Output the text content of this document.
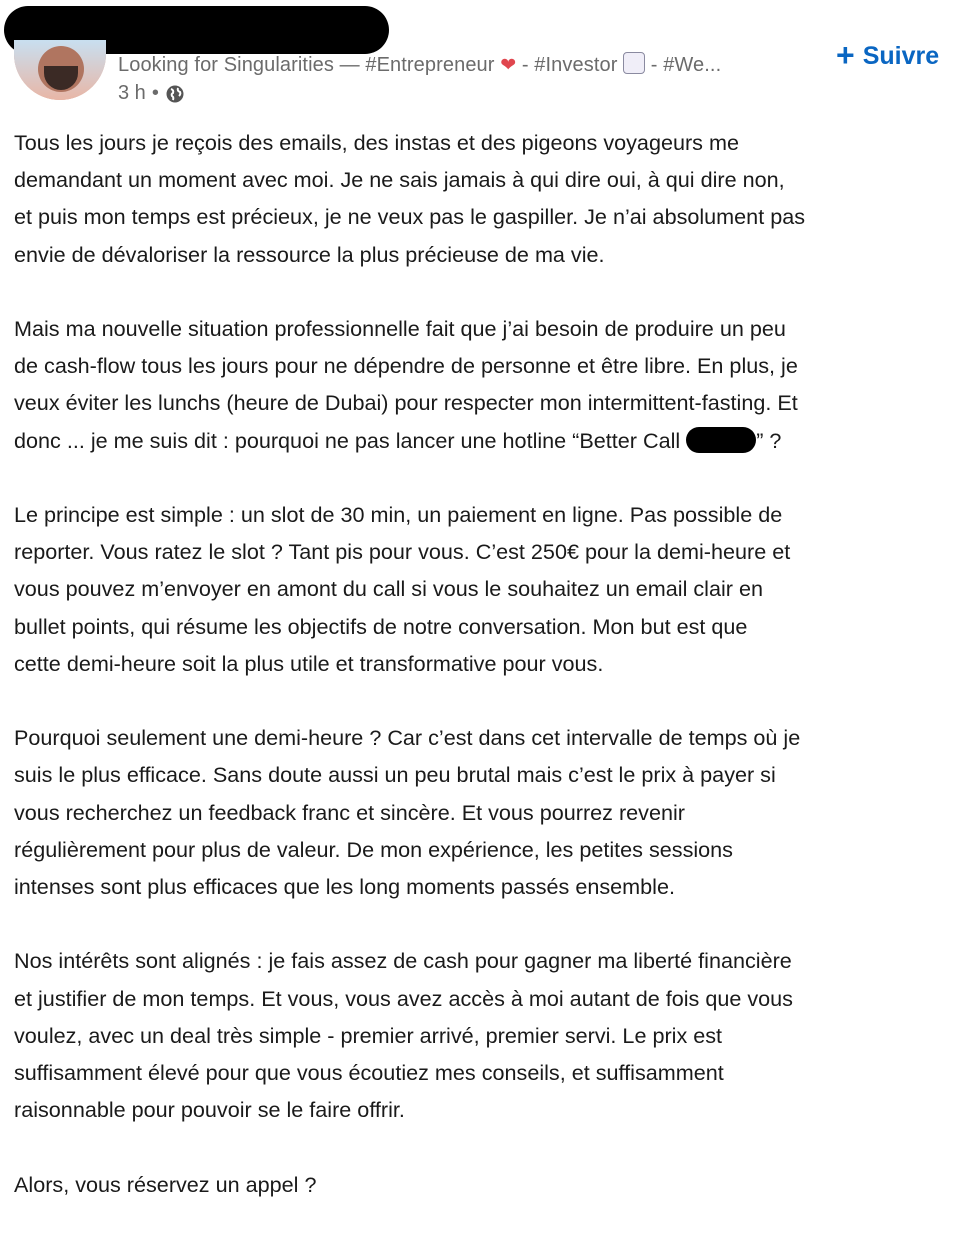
Looking for Singularities — #Entrepreneur ❤ - #Investor  - #We...
3 h •
+ Suivre

Tous les jours je reçois des emails, des instas et des pigeons voyageurs me
demandant un moment avec moi. Je ne sais jamais à qui dire oui, à qui dire non,
et puis mon temps est précieux, je ne veux pas le gaspiller. Je n’ai absolument pas
envie de dévaloriser la ressource la plus précieuse de ma vie.

Mais ma nouvelle situation professionnelle fait que j’ai besoin de produire un peu
de cash-flow tous les jours pour ne dépendre de personne et être libre. En plus, je
veux éviter les lunchs (heure de Dubai) pour respecter mon intermittent-fasting. Et
donc ... je me suis dit : pourquoi ne pas lancer une hotline “Better Call	” ?

Le principe est simple : un slot de 30 min, un paiement en ligne. Pas possible de
reporter. Vous ratez le slot ? Tant pis pour vous. C’est 250€ pour la demi-heure et
vous pouvez m’envoyer en amont du call si vous le souhaitez un email clair en
bullet points, qui résume les objectifs de notre conversation. Mon but est que
cette demi-heure soit la plus utile et transformative pour vous.

Pourquoi seulement une demi-heure ? Car c’est dans cet intervalle de temps où je
suis le plus efficace. Sans doute aussi un peu brutal mais c’est le prix à payer si
vous recherchez un feedback franc et sincère. Et vous pourrez revenir
régulièrement pour plus de valeur. De mon expérience, les petites sessions
intenses sont plus efficaces que les long moments passés ensemble.

Nos intérêts sont alignés : je fais assez de cash pour gagner ma liberté financière
et justifier de mon temps. Et vous, vous avez accès à moi autant de fois que vous
voulez, avec un deal très simple - premier arrivé, premier servi. Le prix est
suffisamment élevé pour que vous écoutiez mes conseils, et suffisamment
raisonnable pour pouvoir se le faire offrir.

Alors, vous réservez un appel ?
